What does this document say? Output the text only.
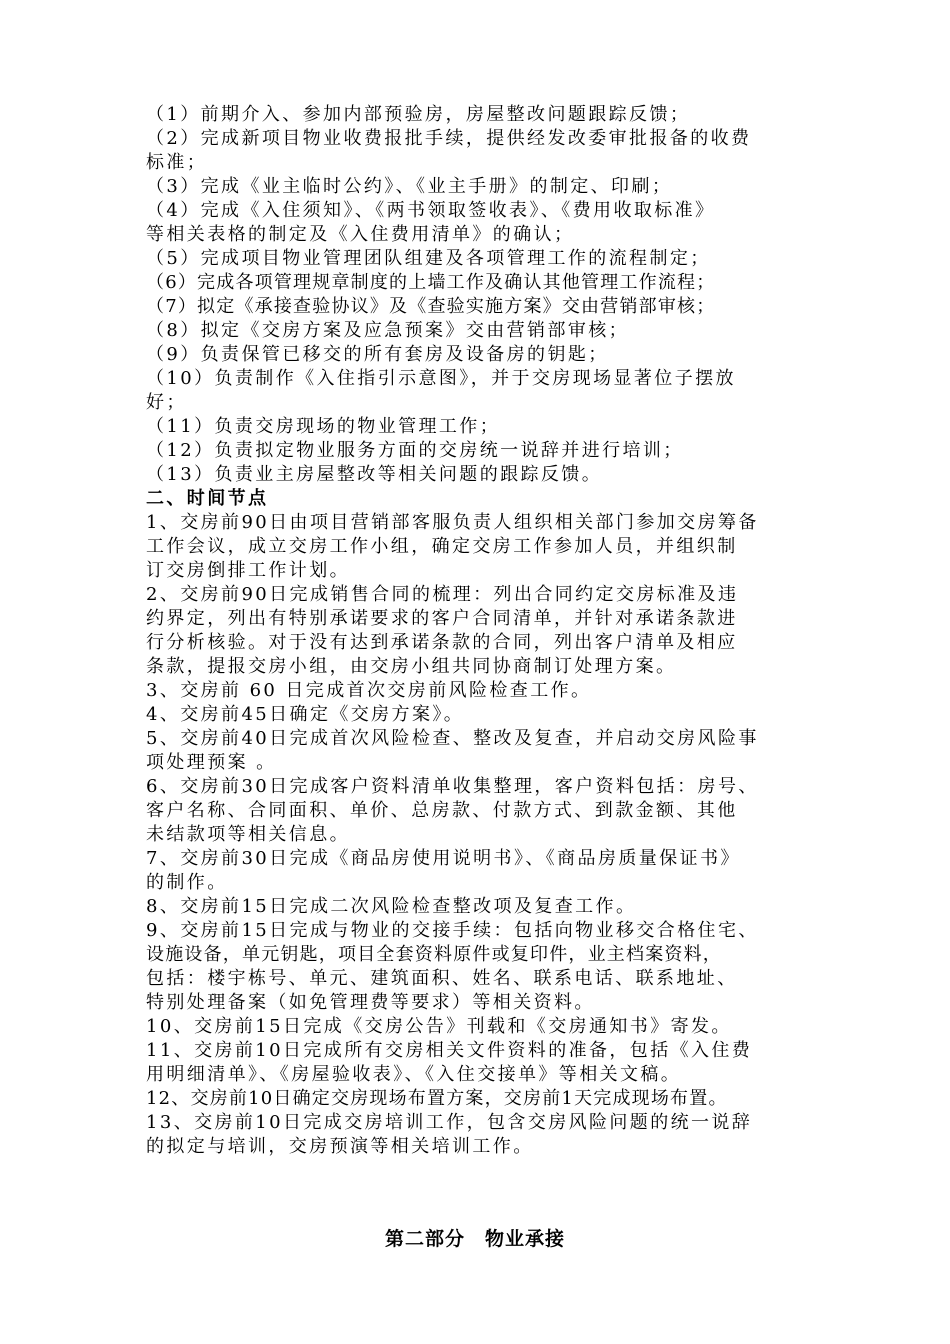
（1）前期介入、参加内部预验房，房屋整改问题跟踪反馈；
（2）完成新项目物业收费报批手续，提供经发改委审批报备的收费
标准；
（3）完成《业主临时公约》、《业主手册》的制定、印刷；
（4）完成《入住须知》、《两书领取签收表》、《费用收取标准》
等相关表格的制定及《入住费用清单》的确认；
（5）完成项目物业管理团队组建及各项管理工作的流程制定；
（6）完成各项管理规章制度的上墙工作及确认其他管理工作流程；
（7）拟定《承接查验协议》及《查验实施方案》交由营销部审核；
（8）拟定《交房方案及应急预案》交由营销部审核；
（9）负责保管已移交的所有套房及设备房的钥匙；
（10）负责制作《入住指引示意图》，并于交房现场显著位子摆放
好；
（11）负责交房现场的物业管理工作；
（12）负责拟定物业服务方面的交房统一说辞并进行培训；
（13）负责业主房屋整改等相关问题的跟踪反馈。
二、时间节点
1、交房前90日由项目营销部客服负责人组织相关部门参加交房筹备
工作会议，成立交房工作小组，确定交房工作参加人员，并组织制
订交房倒排工作计划。
2、交房前90日完成销售合同的梳理：列出合同约定交房标准及违
约界定，列出有特别承诺要求的客户合同清单，并针对承诺条款进
行分析核验。对于没有达到承诺条款的合同，列出客户清单及相应
条款，提报交房小组，由交房小组共同协商制订处理方案。
3、交房前 60 日完成首次交房前风险检查工作。
4、交房前45日确定《交房方案》。
5、交房前40日完成首次风险检查、整改及复查，并启动交房风险事
项处理预案 。
6、交房前30日完成客户资料清单收集整理，客户资料包括：房号、
客户名称、合同面积、单价、总房款、付款方式、到款金额、其他
未结款项等相关信息。
7、交房前30日完成《商品房使用说明书》、《商品房质量保证书》
的制作。
8、交房前15日完成二次风险检查整改项及复查工作。
9、交房前15日完成与物业的交接手续：包括向物业移交合格住宅、
设施设备，单元钥匙，项目全套资料原件或复印件，业主档案资料，
包括：楼宇栋号、单元、建筑面积、姓名、联系电话、联系地址、
特别处理备案（如免管理费等要求）等相关资料。
10、交房前15日完成《交房公告》刊载和《交房通知书》寄发。
11、交房前10日完成所有交房相关文件资料的准备，包括《入住费
用明细清单》、《房屋验收表》、《入住交接单》等相关文稿。
12、交房前10日确定交房现场布置方案，交房前1天完成现场布置。
13、交房前10日完成交房培训工作，包含交房风险问题的统一说辞
的拟定与培训，交房预演等相关培训工作。
第二部分　物业承接
